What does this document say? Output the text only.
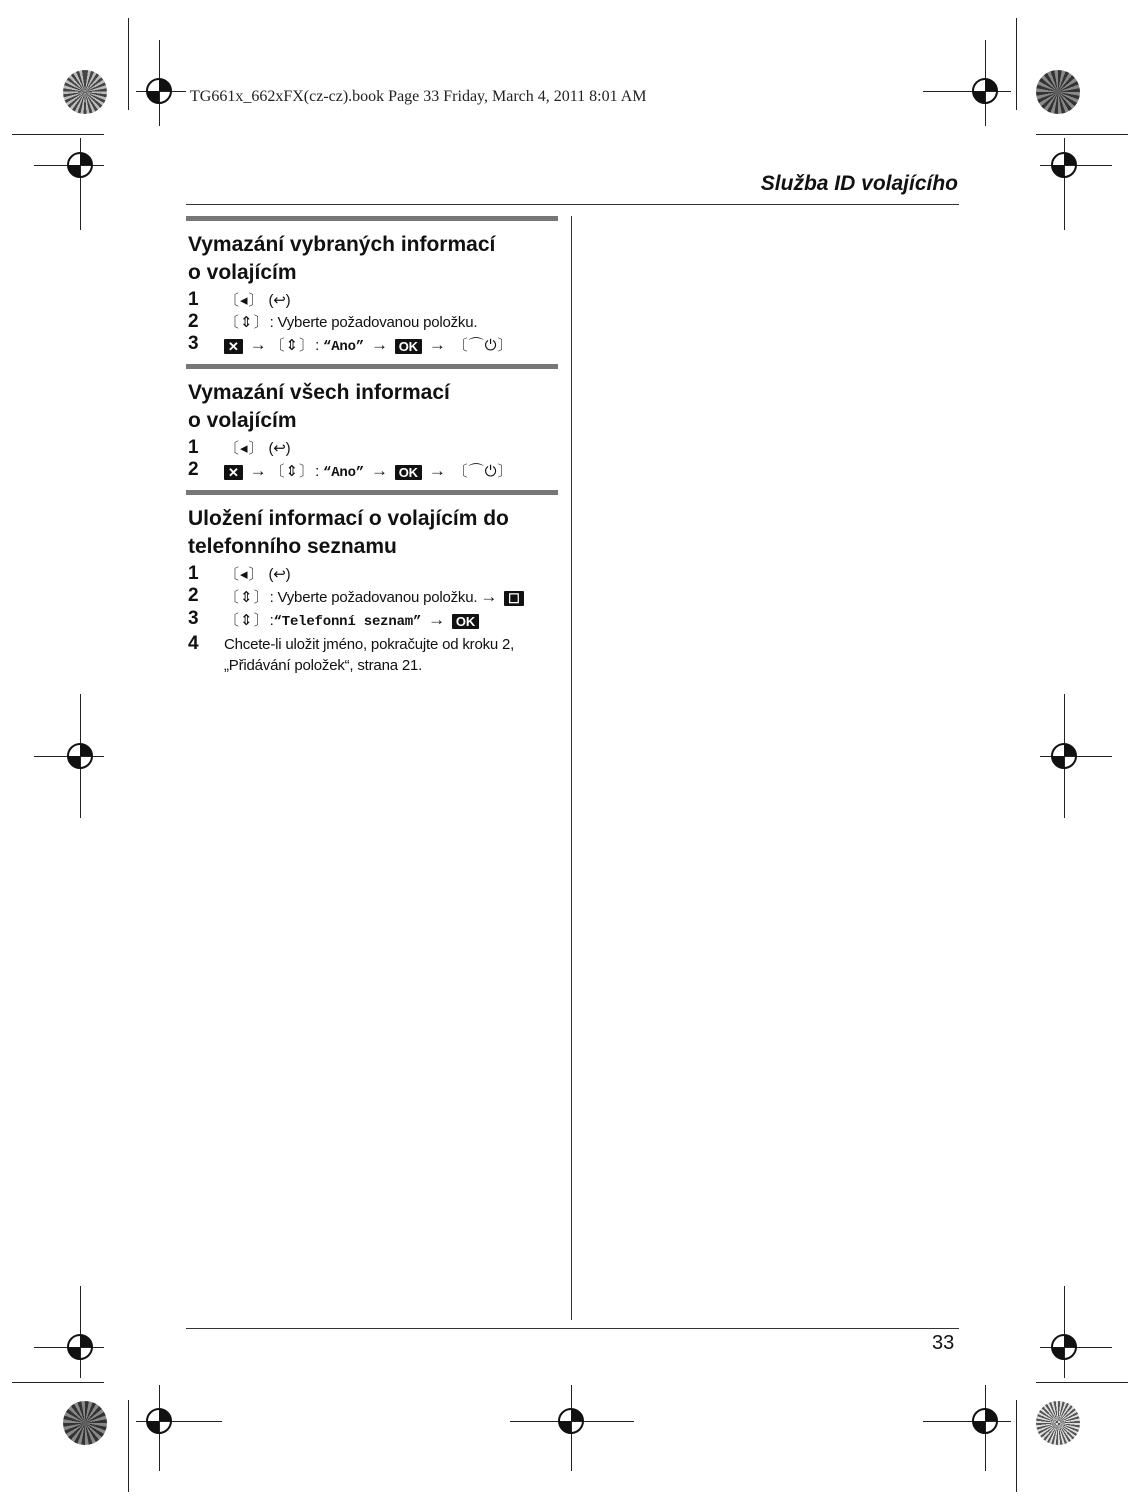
TG661x_662xFX(cz-cz).book Page 33 Friday, March 4, 2011 8:01 AM
Služba ID volajícího
Vymazání vybraných informací
o volajícím
1	〔◂〕 (↩)
2	〔⇕〕: Vyberte požadovanou položku.
3	✕ → 〔⇕〕: “Ano” → OK → 〔⌒⏻〕
Vymazání všech informací
o volajícím
1	〔◂〕 (↩)
2	✕ → 〔⇕〕: “Ano” → OK → 〔⌒⏻〕
Uložení informací o volajícím do
telefonního seznamu
1	〔◂〕 (↩)
2	〔⇕〕: Vyberte požadovanou položku. → ☐
3	〔⇕〕:“Telefonní seznam” → OK
4	Chcete-li uložit jméno, pokračujte od kroku 2,
„Přidávání položek“, strana 21.
33
